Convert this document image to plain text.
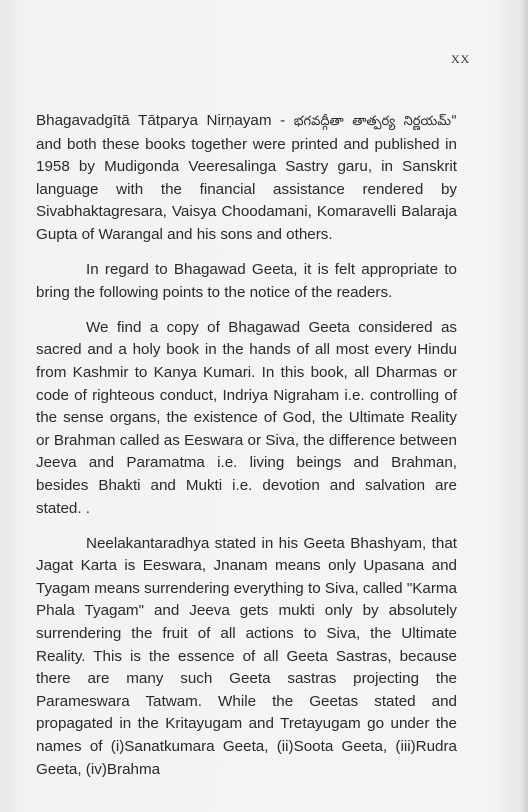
XX

Bhagavadgītā Tātparya Nirṇayam - భగవద్గీతా తాత్పర్య నిర్ణయమ్" and both these books together were printed and published in 1958 by Mudigonda Veeresalinga Sastry garu, in Sanskrit language with the financial assistance rendered by Sivabhaktagresara, Vaisya Choodamani, Komaravelli Balaraja Gupta of Warangal and his sons and others.

In regard to Bhagawad Geeta, it is felt appropriate to bring the following points to the notice of the readers.

We find a copy of Bhagawad Geeta considered as sacred and a holy book in the hands of all most every Hindu from Kashmir to Kanya Kumari. In this book, all Dharmas or code of righteous conduct, Indriya Nigraham i.e. controlling of the sense organs, the existence of God, the Ultimate Reality or Brahman called as Eeswara or Siva, the difference between Jeeva and Paramatma i.e. living beings and Brahman, besides Bhakti and Mukti i.e. devotion and salvation are stated. .

Neelakantaradhya stated in his Geeta Bhashyam, that Jagat Karta is Eeswara, Jnanam means only Upasana and Tyagam means surrendering everything to Siva, called "Karma Phala Tyagam" and Jeeva gets mukti only by absolutely surrendering the fruit of all actions to Siva, the Ultimate Reality. This is the essence of all Geeta Sastras, because there are many such Geeta sastras projecting the Parameswara Tatwam. While the Geetas stated and propagated in the Kritayugam and Tretayugam go under the names of (i)Sanatkumara Geeta, (ii)Soota Geeta, (iii)Rudra Geeta, (iv)Brahma
